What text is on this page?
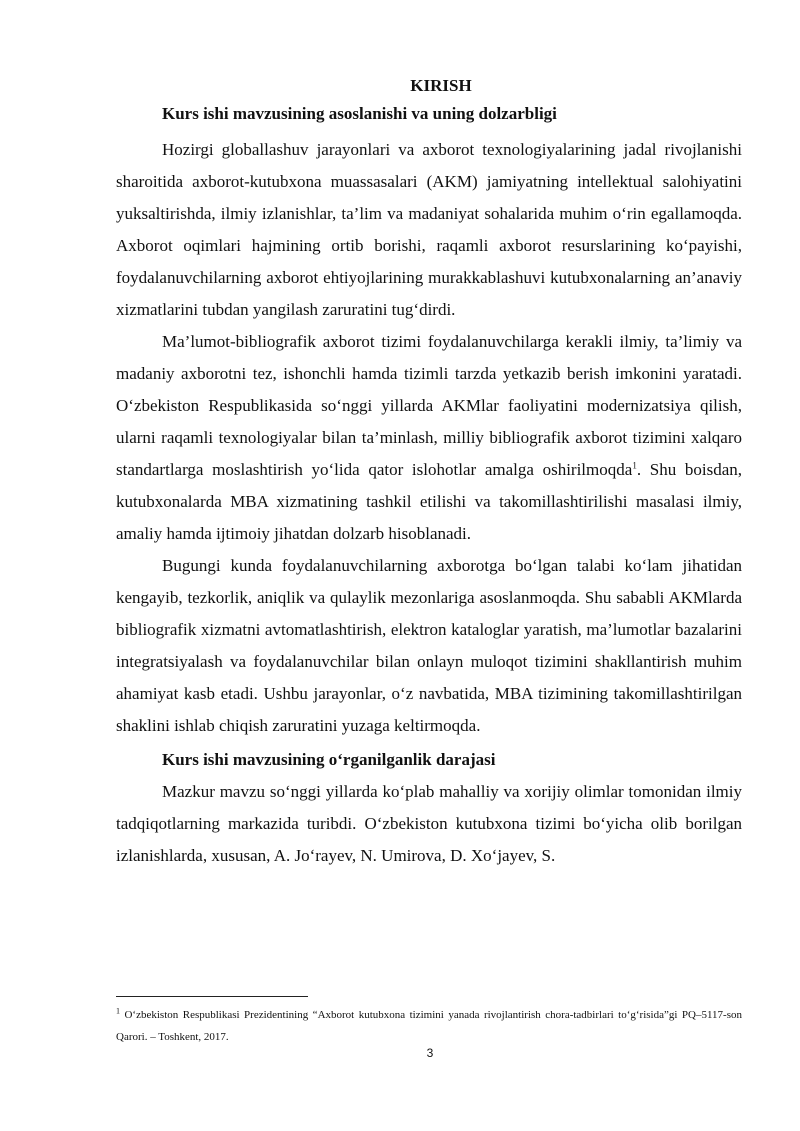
KIRISH
Kurs ishi mavzusining asoslanishi va uning dolzarbligi

Hozirgi globallashuv jarayonlari va axborot texnologiyalarining jadal rivojlanishi sharoitida axborot-kutubxona muassasalari (AKM) jamiyatning intellektual salohiyatini yuksaltirishda, ilmiy izlanishlar, ta’lim va madaniyat sohalarida muhim o‘rin egallamoqda. Axborot oqimlari hajmining ortib borishi, raqamli axborot resurslarining ko‘payishi, foydalanuvchilarning axborot ehtiyojlarining murakkablashuvi kutubxonalarning an’anaviy xizmatlarini tubdan yangilash zaruratini tug‘dirdi.

Ma’lumot-bibliografik axborot tizimi foydalanuvchilarga kerakli ilmiy, ta’limiy va madaniy axborotni tez, ishonchli hamda tizimli tarzda yetkazib berish imkonini yaratadi. O‘zbekiston Respublikasida so‘nggi yillarda AKMlar faoliyatini modernizatsiya qilish, ularni raqamli texnologiyalar bilan ta’minlash, milliy bibliografik axborot tizimini xalqaro standartlarga moslashtirish yo‘lida qator islohotlar amalga oshirilmoqda$^1$. Shu boisdan, kutubxonalarda MBA xizmatining tashkil etilishi va takomillashtirilishi masalasi ilmiy, amaliy hamda ijtimoiy jihatdan dolzarb hisoblanadi.

Bugungi kunda foydalanuvchilarning axborotga bo‘lgan talabi ko‘lam jihatidan kengayib, tezkorlik, aniqlik va qulaylik mezonlariga asoslanmoqda. Shu sababli AKMlarda bibliografik xizmatni avtomatlashtirish, elektron kataloglar yaratish, ma’lumotlar bazalarini integratsiyalash va foydalanuvchilar bilan onlayn muloqot tizimini shakllantirish muhim ahamiyat kasb etadi. Ushbu jarayonlar, o‘z navbatida, MBA tizimining takomillashtirilgan shaklini ishlab chiqish zaruratini yuzaga keltirmoqda.

Kurs ishi mavzusining o‘rganilganlik darajasi

Mazkur mavzu so‘nggi yillarda ko‘plab mahalliy va xorijiy olimlar tomonidan ilmiy tadqiqotlarning markazida turibdi. O‘zbekiston kutubxona tizimi bo‘yicha olib borilgan izlanishlarda, xususan, A. Jo‘rayev, N. Umirova, D. Xo‘jayev, S.

$^1$ O‘zbekiston Respublikasi Prezidentining “Axborot kutubxona tizimini yanada rivojlantirish chora-tadbirlari to‘g‘risida”gi PQ–5117-son Qarori. – Toshkent, 2017.
3
